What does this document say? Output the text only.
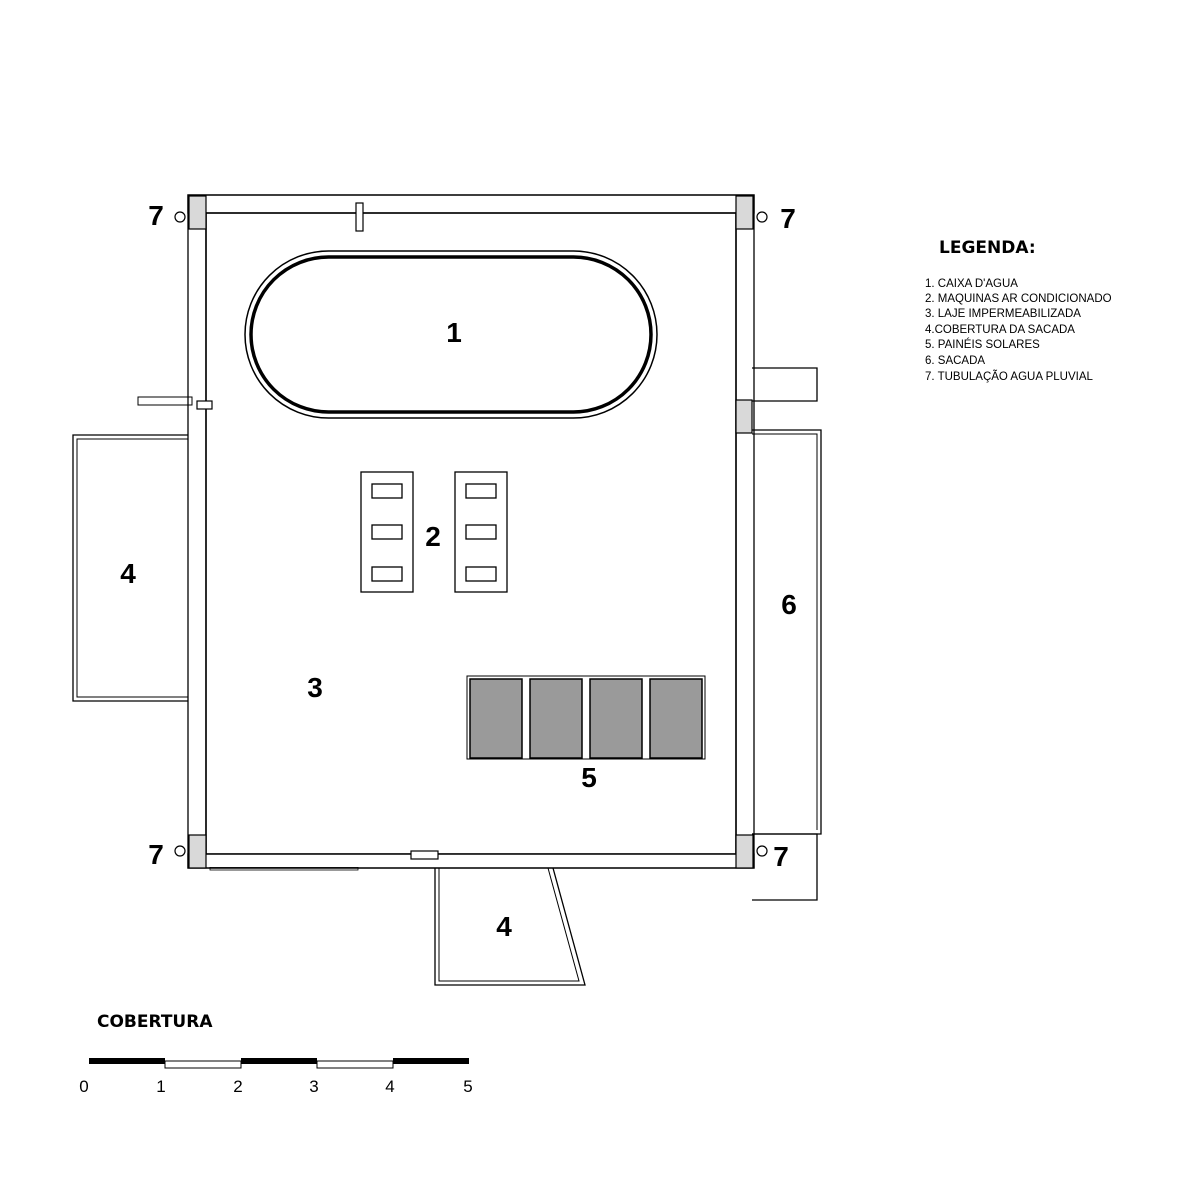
1
2
3
4
4
5
6
7	7
7	7
LEGENDA:
1. CAIXA D'AGUA
2. MAQUINAS AR CONDICIONADO
3. LAJE IMPERMEABILIZADA
4.COBERTURA DA SACADA
5. PAINÉIS SOLARES
6. SACADA
7. TUBULAÇÃO AGUA PLUVIAL
COBERTURA
0	1	2	3	4	5
